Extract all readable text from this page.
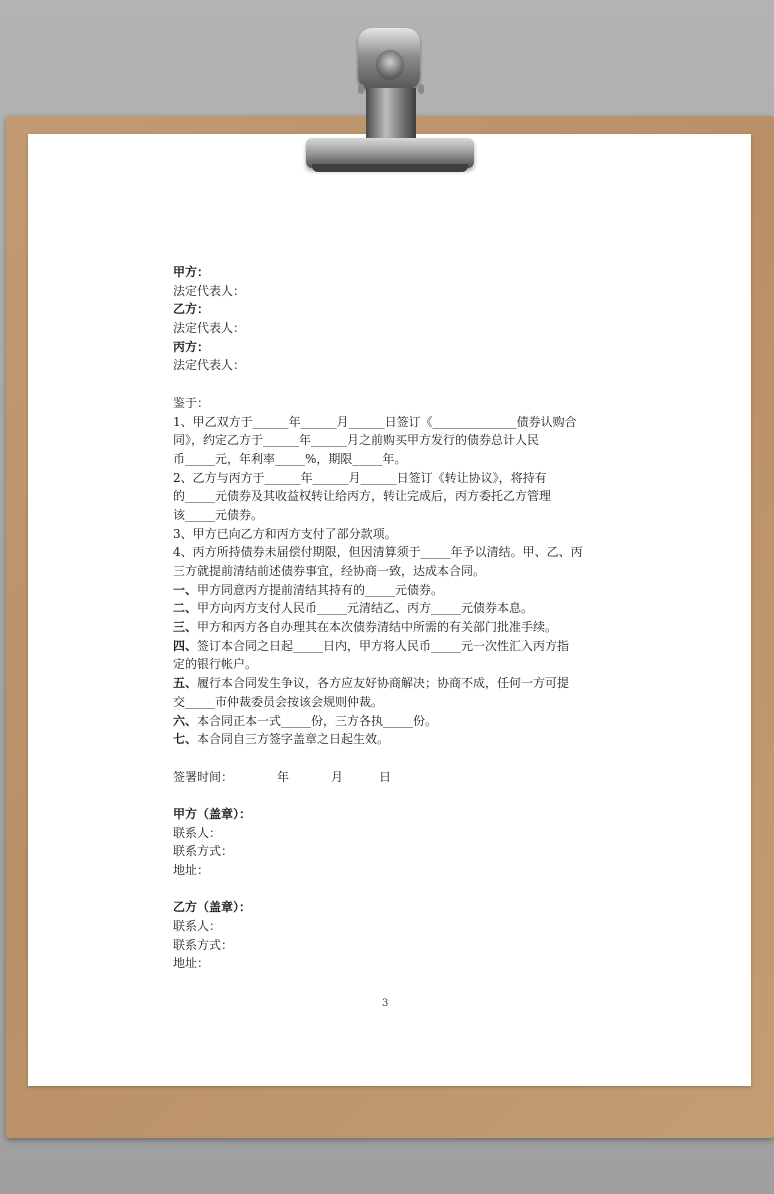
甲方：
法定代表人：
乙方：
法定代表人：
丙方：
法定代表人：
鉴于：
1、甲乙双方于______年______月______日签订《______________债券认购合
同》，约定乙方于______年______月之前购买甲方发行的债券总计人民
币_____元，年利率_____%，期限_____年。
2、乙方与丙方于______年______月______日签订《转让协议》，将持有
的_____元债券及其收益权转让给丙方，转让完成后，丙方委托乙方管理
该_____元债券。
3、甲方已向乙方和丙方支付了部分款项。
4、丙方所持债券未届偿付期限，但因清算须于_____年予以清结。甲、乙、丙
三方就提前清结前述债券事宜，经协商一致，达成本合同。
一、甲方同意丙方提前清结其持有的_____元债券。
二、甲方向丙方支付人民币_____元清结乙、丙方_____元债券本息。
三、甲方和丙方各自办理其在本次债券清结中所需的有关部门批准手续。
四、签订本合同之日起_____日内，甲方将人民币_____元一次性汇入丙方指
定的银行帐户。
五、履行本合同发生争议，各方应友好协商解决；协商不成，任何一方可提
交_____市仲裁委员会按该会规则仲裁。
六、本合同正本一式_____份，三方各执_____份。
七、本合同自三方签字盖章之日起生效。
签署时间：	年	月	日
甲方（盖章）：
联系人：
联系方式：
地址：
乙方（盖章）：
联系人：
联系方式：
地址：
3
